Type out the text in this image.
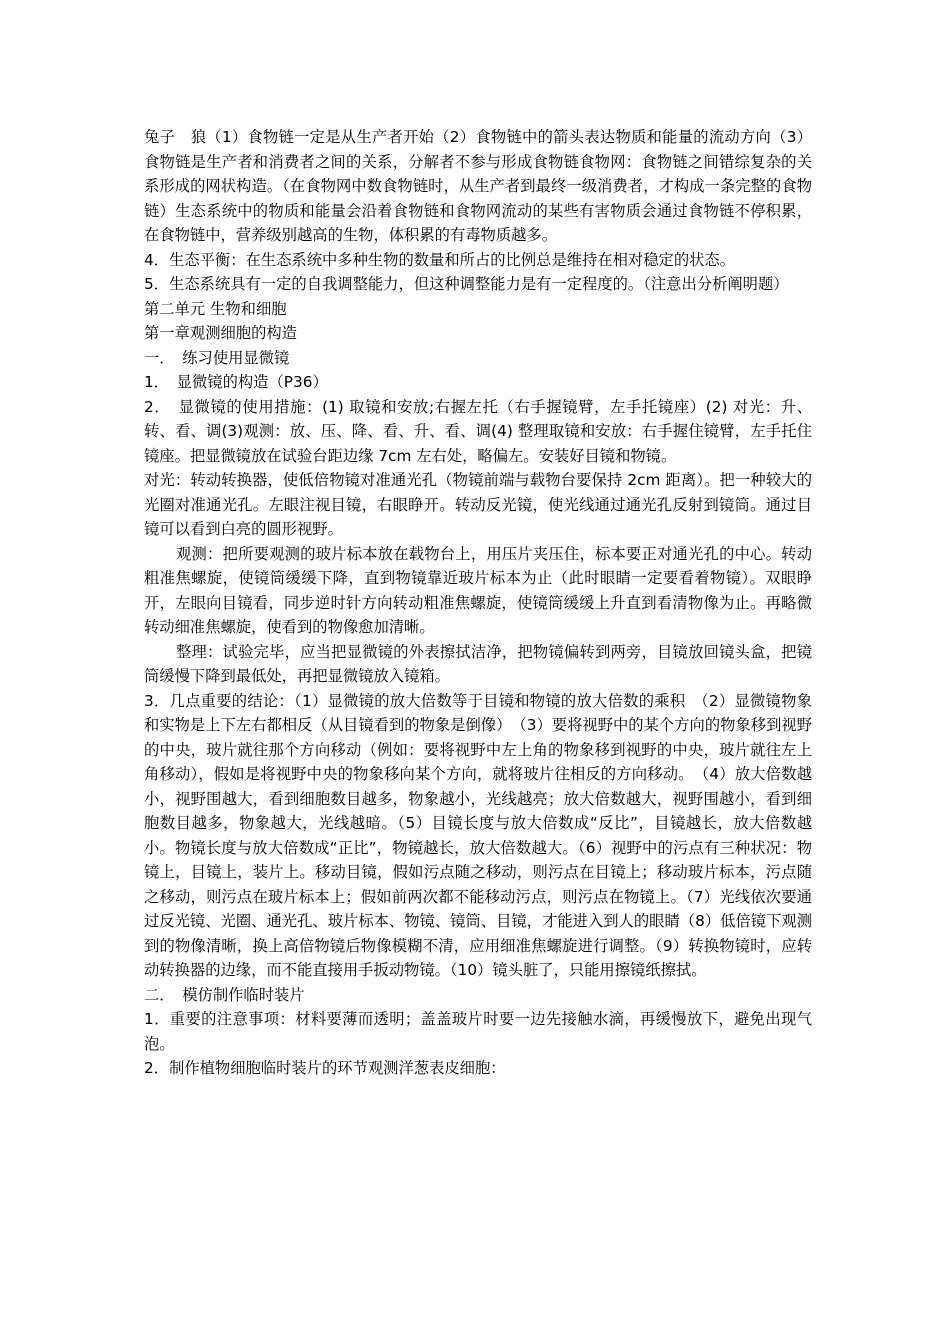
兔子　狼（1）食物链一定是从生产者开始（2）食物链中的箭头表达物质和能量的流动方向（3）食物链是生产者和消费者之间的关系，分解者不参与形成食物链食物网：食物链之间错综复杂的关系形成的网状构造。（在食物网中数食物链时，从生产者到最终一级消费者，才构成一条完整的食物链）生态系统中的物质和能量会沿着食物链和食物网流动的某些有害物质会通过食物链不停积累，在食物链中，营养级别越高的生物，体积累的有毒物质越多。

4．生态平衡：在生态系统中多种生物的数量和所占的比例总是维持在相对稳定的状态。

5．生态系统具有一定的自我调整能力，但这种调整能力是有一定程度的。（注意出分析阐明题）

第二单元 生物和细胞

第一章观测细胞的构造

一．　练习使用显微镜

1．　显微镜的构造（P36）

2．　显微镜的使用措施：(1) 取镜和安放;右握左托（右手握镜臂，左手托镜座）(2) 对光：升、转、看、调(3)观测：放、压、降、看、升、看、调(4) 整理取镜和安放：右手握住镜臂，左手托住镜座。把显微镜放在试验台距边缘 7cm 左右处，略偏左。安装好目镜和物镜。

对光：转动转换器，使低倍物镜对准通光孔（物镜前端与载物台要保持 2cm 距离）。把一种较大的光圈对准通光孔。左眼注视目镜，右眼睁开。转动反光镜，使光线通过通光孔反射到镜筒。通过目镜可以看到白亮的圆形视野。

观测：把所要观测的玻片标本放在载物台上，用压片夹压住，标本要正对通光孔的中心。转动粗准焦螺旋，使镜筒缓缓下降，直到物镜靠近玻片标本为止（此时眼睛一定要看着物镜）。双眼睁开，左眼向目镜看，同步逆时针方向转动粗准焦螺旋，使镜筒缓缓上升直到看清物像为止。再略微转动细准焦螺旋，使看到的物像愈加清晰。

整理：试验完毕，应当把显微镜的外表擦拭洁净，把物镜偏转到两旁，目镜放回镜头盒，把镜筒缓慢下降到最低处，再把显微镜放入镜箱。

3．几点重要的结论：（1）显微镜的放大倍数等于目镜和物镜的放大倍数的乘积　（2）显微镜物象和实物是上下左右都相反（从目镜看到的物象是倒像）　（3）要将视野中的某个方向的物象移到视野的中央，玻片就往那个方向移动（例如：要将视野中左上角的物象移到视野的中央，玻片就往左上角移动），假如是将视野中央的物象移向某个方向，就将玻片往相反的方向移动。　（4）放大倍数越小，视野围越大，看到细胞数目越多，物象越小，光线越亮；放大倍数越大，视野围越小，看到细胞数目越多，物象越大，光线越暗。（5）目镜长度与放大倍数成“反比”，目镜越长，放大倍数越小。物镜长度与放大倍数成“正比”，物镜越长，放大倍数越大。（6）视野中的污点有三种状况：物镜上，目镜上，装片上。移动目镜，假如污点随之移动，则污点在目镜上；移动玻片标本，污点随之移动，则污点在玻片标本上；假如前两次都不能移动污点，则污点在物镜上。（7）光线依次要通过反光镜、光圈、通光孔、玻片标本、物镜、镜筒、目镜，才能进入到人的眼睛（8）低倍镜下观测到的物像清晰，换上高倍物镜后物像模糊不清，应用细准焦螺旋进行调整。（9）转换物镜时，应转动转换器的边缘，而不能直接用手扳动物镜。（10）镜头脏了，只能用擦镜纸擦拭。

二．　模仿制作临时装片

1．重要的注意事项：材料要薄而透明；盖盖玻片时要一边先接触水滴，再缓慢放下，避免出现气泡。

2．制作植物细胞临时装片的环节观测洋葱表皮细胞：
